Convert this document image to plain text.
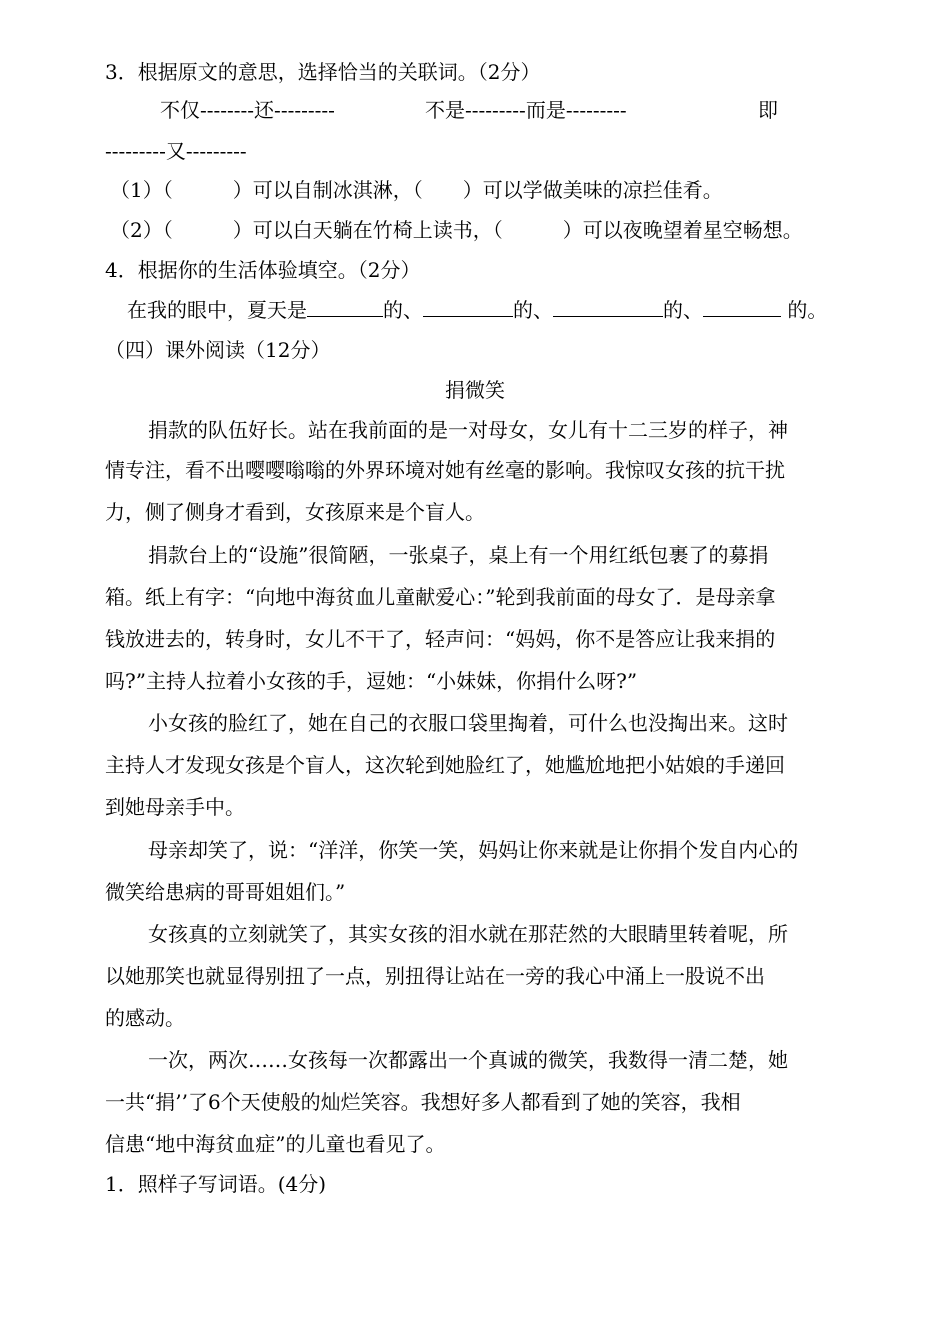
3．根据原文的意思，选择恰当的关联词。（2分）
不仅--------还---------	不是---------而是---------	即
---------又---------
（1）（　　　）可以自制冰淇淋，（　　）可以学做美味的凉拦佳肴。
（2）（　　　）可以白天躺在竹椅上读书，（　　　）可以夜晚望着星空畅想。
4．根据你的生活体验填空。（2分）
在我的眼中，夏天是	的、	的、	的、	的。
（四）课外阅读（12分）
捐微笑
捐款的队伍好长。站在我前面的是一对母女，女儿有十二三岁的样子，神
情专注，看不出嘤嘤嗡嗡的外界环境对她有丝毫的影响。我惊叹女孩的抗干扰
力，侧了侧身才看到，女孩原来是个盲人。
捐款台上的“设施”很简陋，一张桌子，桌上有一个用红纸包裹了的募捐
箱。纸上有字：“向地中海贫血儿童献爱心：”轮到我前面的母女了．是母亲拿
钱放进去的，转身时，女儿不干了，轻声问：“妈妈，你不是答应让我来捐的
吗?”主持人拉着小女孩的手，逗她：“小妹妹，你捐什么呀?”
小女孩的脸红了，她在自己的衣服口袋里掏着，可什么也没掏出来。这时
主持人才发现女孩是个盲人，这次轮到她脸红了，她尴尬地把小姑娘的手递回
到她母亲手中。
母亲却笑了，说：“洋洋，你笑一笑，妈妈让你来就是让你捐个发自内心的
微笑给患病的哥哥姐姐们。”
女孩真的立刻就笑了，其实女孩的泪水就在那茫然的大眼睛里转着呢，所
以她那笑也就显得别扭了一点，别扭得让站在一旁的我心中涌上一股说不出
的感动。
一次，两次……女孩每一次都露出一个真诚的微笑，我数得一清二楚，她
一共“捐’’了6个天使般的灿烂笑容。我想好多人都看到了她的笑容，我相
信患“地中海贫血症”的儿童也看见了。
1．照样子写词语。(4分)
